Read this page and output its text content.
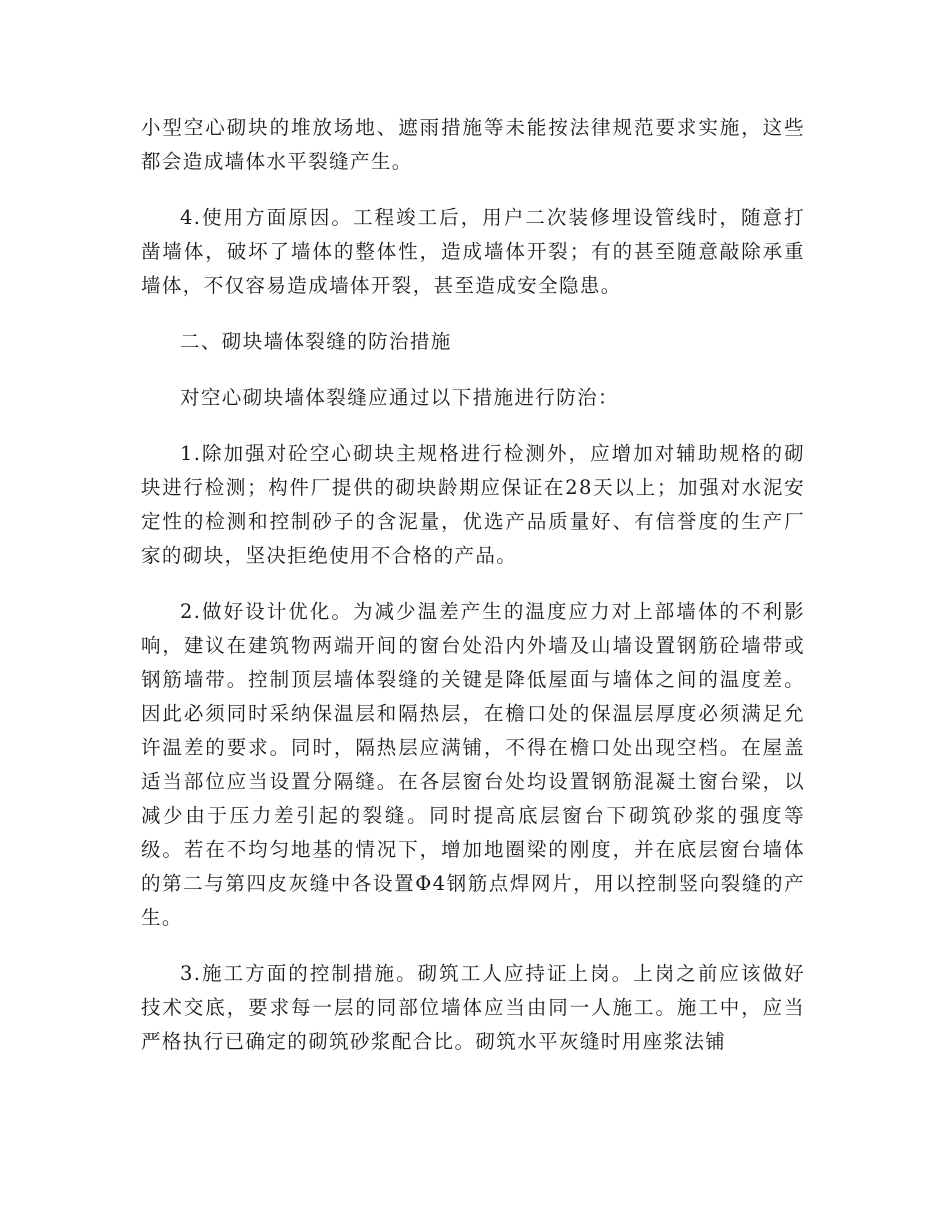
小型空心砌块的堆放场地、遮雨措施等未能按法律规范要求实施，这些都会造成墙体水平裂缝产生。

4.使用方面原因。工程竣工后，用户二次装修埋设管线时，随意打凿墙体，破坏了墙体的整体性，造成墙体开裂；有的甚至随意敲除承重墙体，不仅容易造成墙体开裂，甚至造成安全隐患。

二、砌块墙体裂缝的防治措施

对空心砌块墙体裂缝应通过以下措施进行防治：

1.除加强对砼空心砌块主规格进行检测外，应增加对辅助规格的砌块进行检测；构件厂提供的砌块龄期应保证在28天以上；加强对水泥安定性的检测和控制砂子的含泥量，优选产品质量好、有信誉度的生产厂家的砌块，坚决拒绝使用不合格的产品。

2.做好设计优化。为减少温差产生的温度应力对上部墙体的不利影响，建议在建筑物两端开间的窗台处沿内外墙及山墙设置钢筋砼墙带或钢筋墙带。控制顶层墙体裂缝的关键是降低屋面与墙体之间的温度差。因此必须同时采纳保温层和隔热层，在檐口处的保温层厚度必须满足允许温差的要求。同时，隔热层应满铺，不得在檐口处出现空档。在屋盖适当部位应当设置分隔缝。在各层窗台处均设置钢筋混凝土窗台梁，以减少由于压力差引起的裂缝。同时提高底层窗台下砌筑砂浆的强度等级。若在不均匀地基的情况下，增加地圈梁的刚度，并在底层窗台墙体的第二与第四皮灰缝中各设置Φ4钢筋点焊网片，用以控制竖向裂缝的产生。

3.施工方面的控制措施。砌筑工人应持证上岗。上岗之前应该做好技术交底，要求每一层的同部位墙体应当由同一人施工。施工中，应当严格执行已确定的砌筑砂浆配合比。砌筑水平灰缝时用座浆法铺
